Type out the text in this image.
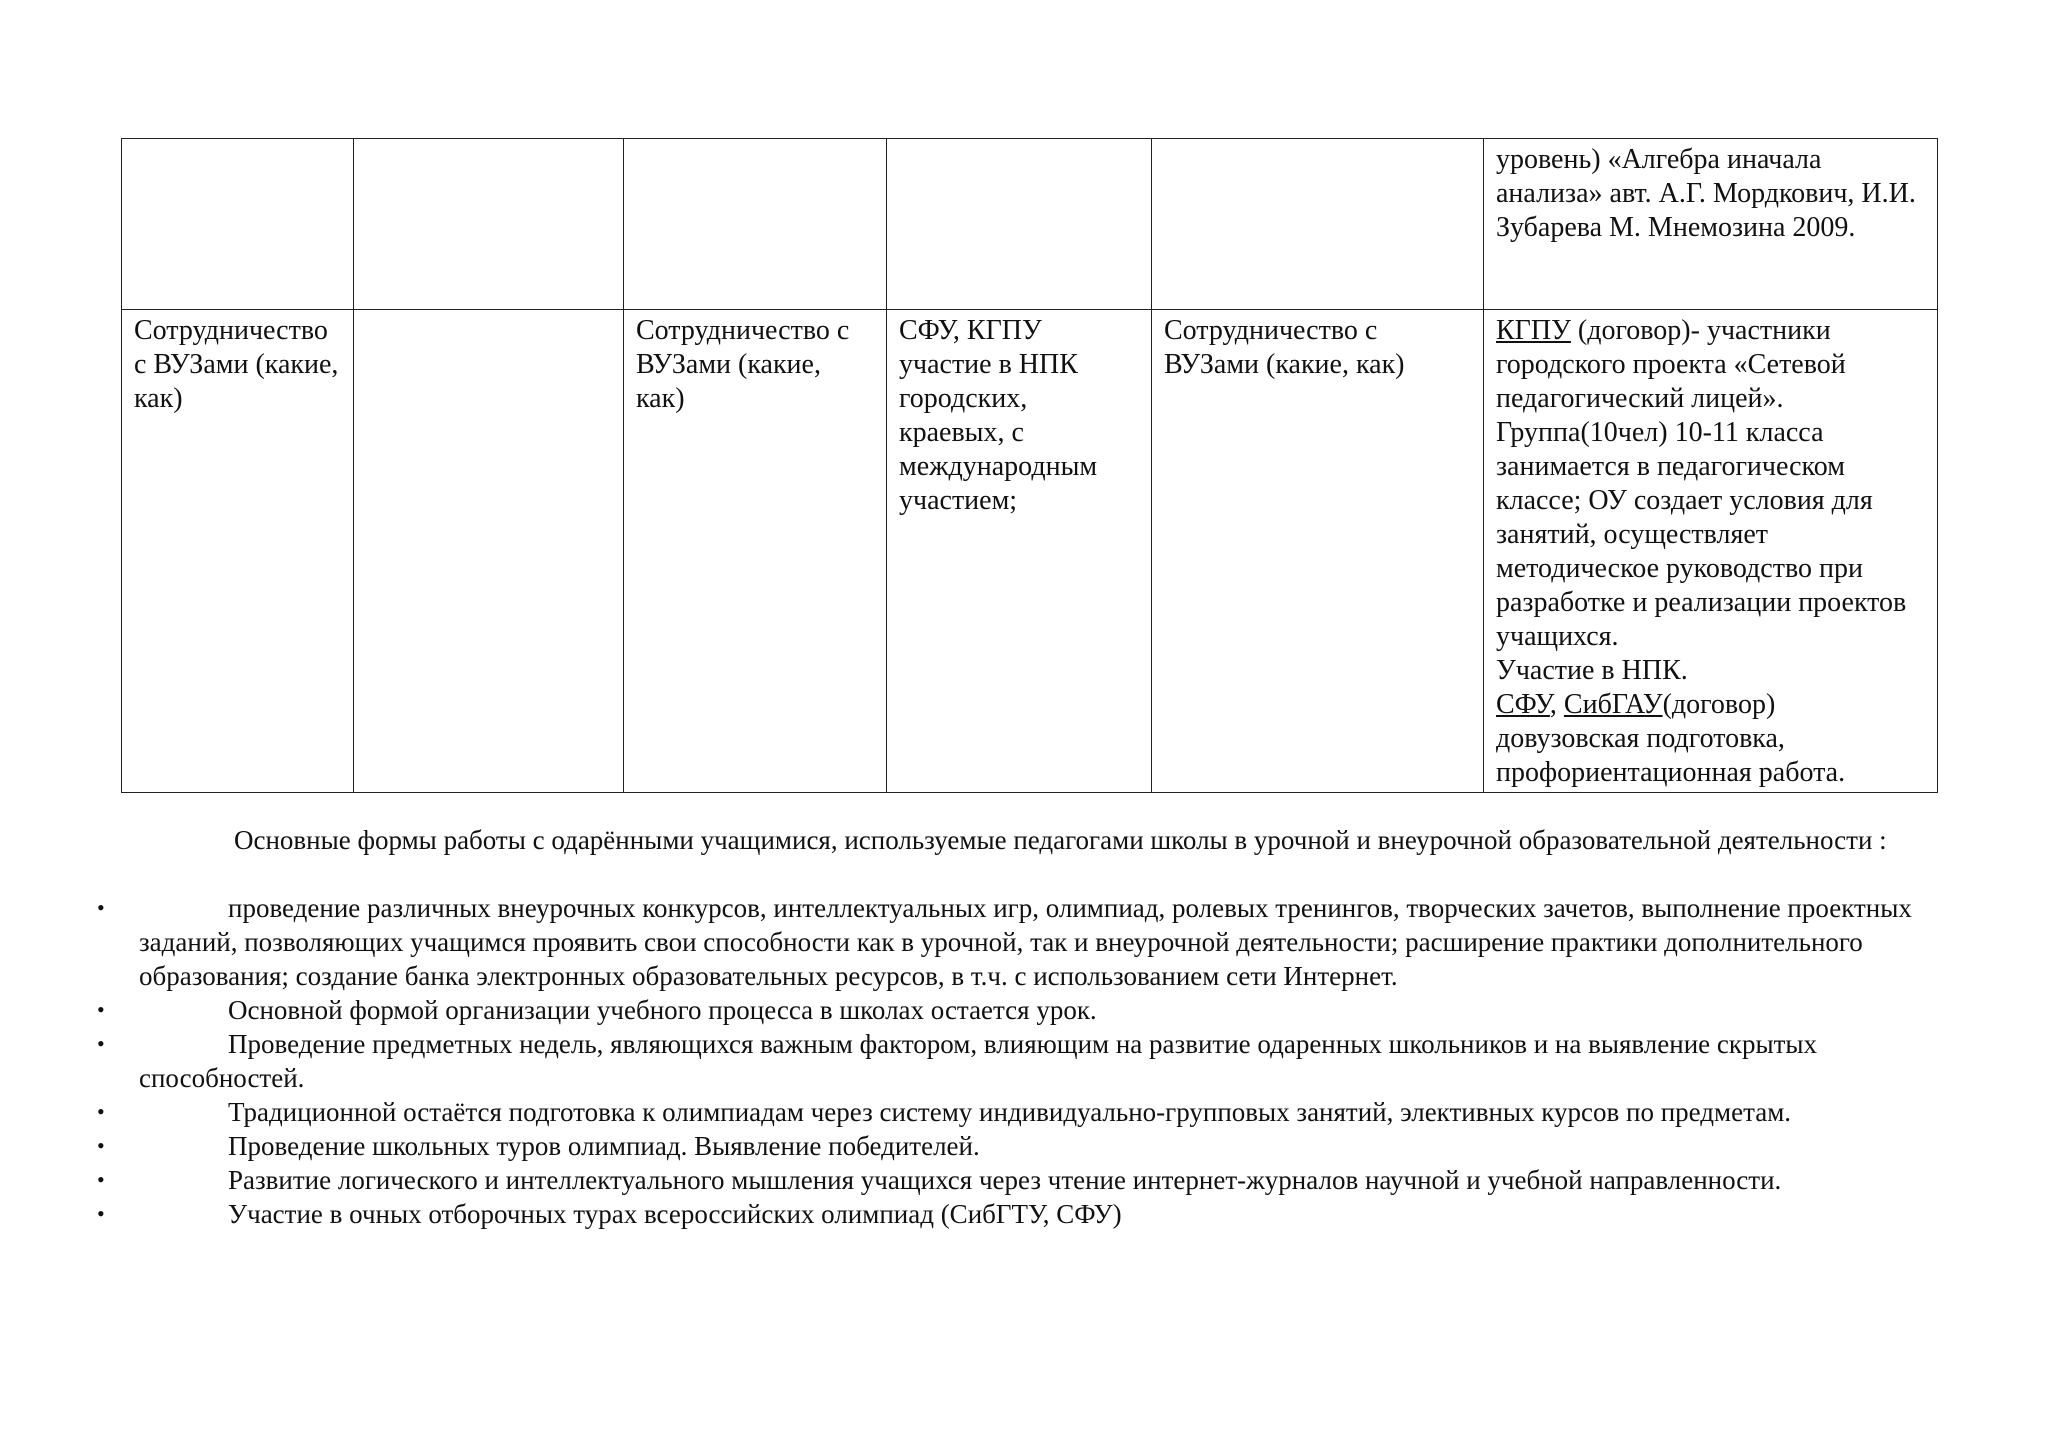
					уровень) «Алгебра иначала анализа» авт. А.Г. Мордкович, И.И. Зубарева М. Мнемозина 2009.
Сотрудничество с ВУЗами (какие, как)		Сотрудничество с ВУЗами (какие, как)	СФУ, КГПУ участие в НПК городских, краевых, с международным участием;	Сотрудничество с ВУЗами (какие, как)	КГПУ (договор)- участники городского проекта «Сетевой педагогический лицей». Группа(10чел) 10-11 класса занимается в педагогическом классе; ОУ создает условия для занятий, осуществляет методическое руководство при разработке и реализации проектов учащихся.
Участие в НПК.
СФУ, СибГАУ(договор) довузовская подготовка, профориентационная работа.

Основные формы работы с одарёнными учащимися, используемые педагогами школы в урочной и внеурочной образовательной деятельности :

•	проведение различных внеурочных конкурсов, интеллектуальных игр, олимпиад, ролевых тренингов, творческих зачетов, выполнение проектных заданий, позволяющих учащимся проявить свои способности как в урочной, так и внеурочной деятельности; расширение практики дополнительного образования; создание банка электронных образовательных ресурсов, в т.ч. с использованием сети Интернет.
•	Основной формой организации учебного процесса в школах остается урок.
•	Проведение предметных недель, являющихся важным фактором, влияющим на развитие одаренных школьников и на выявление скрытых способностей.
•	Традиционной остаётся подготовка к олимпиадам через систему индивидуально-групповых занятий, элективных курсов по предметам.
•	Проведение школьных туров олимпиад. Выявление победителей.
•	Развитие логического и интеллектуального мышления учащихся через чтение интернет-журналов научной и учебной направленности.
•	Участие в очных отборочных турах всероссийских олимпиад (СибГТУ, СФУ)
